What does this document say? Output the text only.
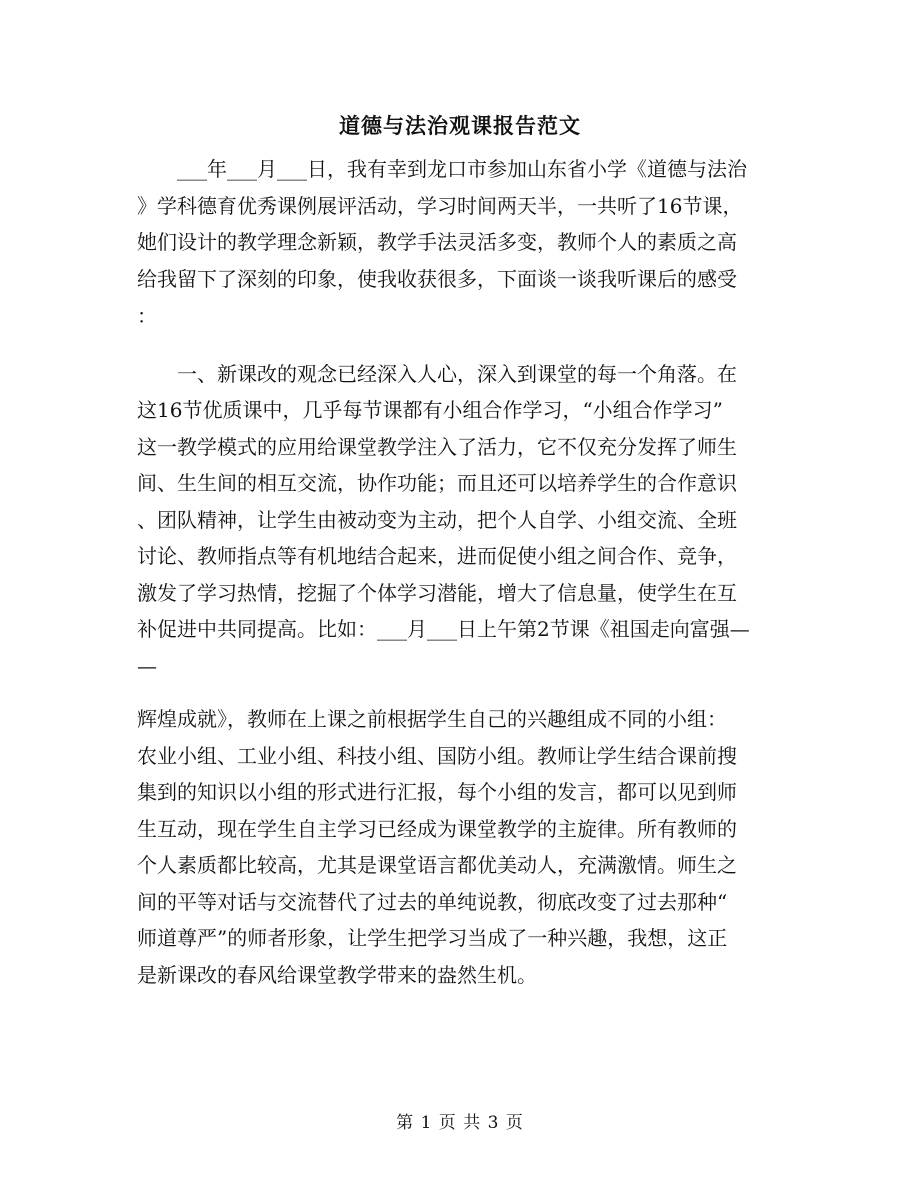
道德与法治观课报告范文
　　___年___月___日，我有幸到龙口市参加山东省小学《道德与法治
》学科德育优秀课例展评活动，学习时间两天半，一共听了16节课，
她们设计的教学理念新颖，教学手法灵活多变，教师个人的素质之高
给我留下了深刻的印象，使我收获很多，下面谈一谈我听课后的感受
：
　　一、新课改的观念已经深入人心，深入到课堂的每一个角落。在
这16节优质课中，几乎每节课都有小组合作学习，“小组合作学习”
这一教学模式的应用给课堂教学注入了活力，它不仅充分发挥了师生
间、生生间的相互交流，协作功能；而且还可以培养学生的合作意识
、团队精神，让学生由被动变为主动，把个人自学、小组交流、全班
讨论、教师指点等有机地结合起来，进而促使小组之间合作、竞争，
激发了学习热情，挖掘了个体学习潜能，增大了信息量，使学生在互
补促进中共同提高。比如：___月___日上午第2节课《祖国走向富强—
—
辉煌成就》，教师在上课之前根据学生自己的兴趣组成不同的小组：
农业小组、工业小组、科技小组、国防小组。教师让学生结合课前搜
集到的知识以小组的形式进行汇报，每个小组的发言，都可以见到师
生互动，现在学生自主学习已经成为课堂教学的主旋律。所有教师的
个人素质都比较高，尤其是课堂语言都优美动人，充满激情。师生之
间的平等对话与交流替代了过去的单纯说教，彻底改变了过去那种“
师道尊严”的师者形象，让学生把学习当成了一种兴趣，我想，这正
是新课改的春风给课堂教学带来的盎然生机。
第 1 页 共 3 页
